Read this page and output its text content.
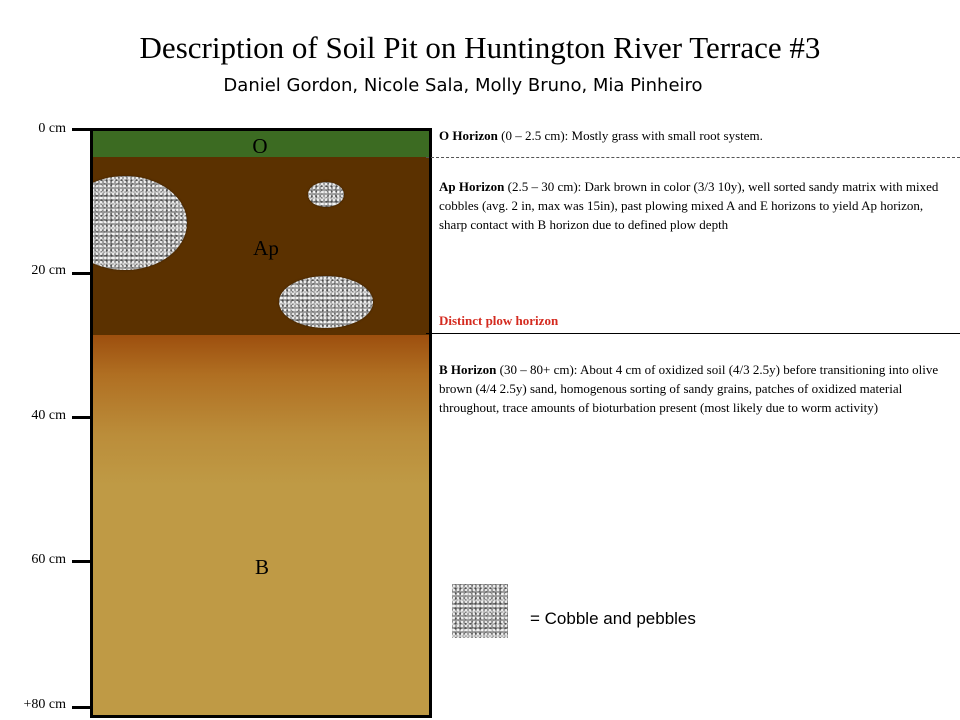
Description of Soil Pit on Huntington River Terrace #3
Daniel Gordon, Nicole Sala, Molly Bruno, Mia Pinheiro
0 cm
20 cm
40 cm
60 cm
+80 cm
O
Ap
B
O Horizon (0 – 2.5 cm): Mostly grass with small root system.
Ap Horizon (2.5 – 30 cm): Dark brown in color (3/3 10y), well sorted sandy matrix with mixed cobbles (avg. 2 in, max was 15in), past plowing mixed A and E horizons to yield Ap horizon, sharp contact with B horizon due to defined plow depth
Distinct plow horizon
B Horizon (30 – 80+ cm): About 4 cm of oxidized soil (4/3 2.5y) before transitioning into olive brown (4/4 2.5y) sand, homogenous sorting of sandy grains, patches of oxidized material throughout, trace amounts of bioturbation present (most likely due to worm activity)
= Cobble and pebbles
